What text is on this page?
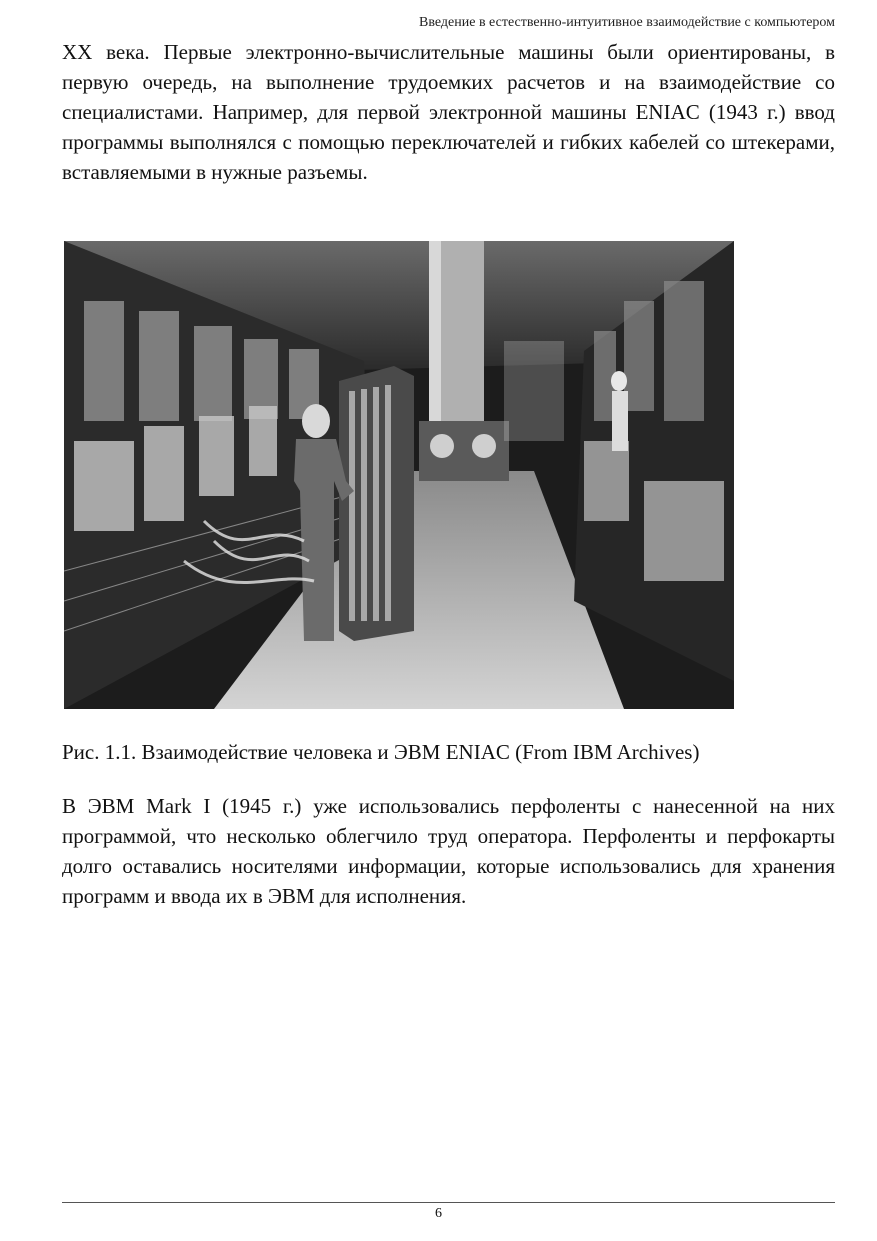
Введение в естественно-интуитивное взаимодействие с компьютером

XX века. Первые электронно-вычислительные машины были ориентированы, в первую очередь, на выполнение трудоемких расчетов и на взаимодействие со специалистами. Например, для первой электронной машины ENIAC (1943 г.) ввод программы выполнялся с помощью переключателей и гибких кабелей со штекерами, вставляемыми в нужные разъемы.

Рис. 1.1. Взаимодействие человека и ЭВМ ENIAC (From IBM Archives)

В ЭВМ Mark I (1945 г.) уже использовались перфоленты с нанесенной на них программой, что несколько облегчило труд оператора. Перфоленты и перфокарты долго оставались носителями информации, которые использовались для хранения программ и ввода их в ЭВМ для исполнения.

6
